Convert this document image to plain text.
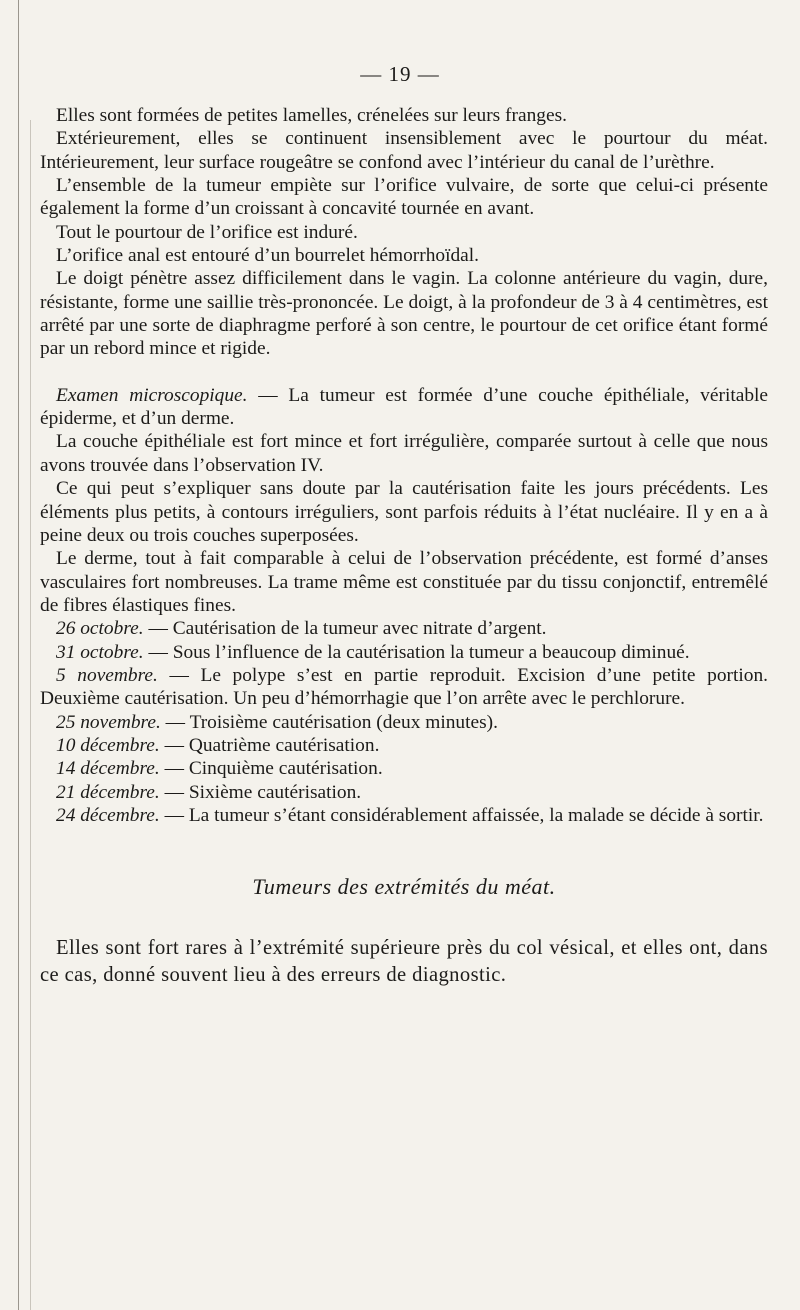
— 19 —

Elles sont formées de petites lamelles, crénelées sur leurs franges.

Extérieurement, elles se continuent insensiblement avec le pourtour du méat. Intérieurement, leur surface rougeâtre se confond avec l’intérieur du canal de l’urèthre.

L’ensemble de la tumeur empiète sur l’orifice vulvaire, de sorte que celui-ci présente également la forme d’un croissant à concavité tournée en avant.

Tout le pourtour de l’orifice est induré.

L’orifice anal est entouré d’un bourrelet hémorrhoïdal.

Le doigt pénètre assez difficilement dans le vagin. La colonne antérieure du vagin, dure, résistante, forme une saillie très-prononcée. Le doigt, à la profondeur de 3 à 4 centimètres, est arrêté par une sorte de diaphragme perforé à son centre, le pourtour de cet orifice étant formé par un rebord mince et rigide.

Examen microscopique. — La tumeur est formée d’une couche épithéliale, véritable épiderme, et d’un derme.

La couche épithéliale est fort mince et fort irrégulière, comparée surtout à celle que nous avons trouvée dans l’observation IV.

Ce qui peut s’expliquer sans doute par la cautérisation faite les jours précédents. Les éléments plus petits, à contours irréguliers, sont parfois réduits à l’état nucléaire. Il y en a à peine deux ou trois couches superposées.

Le derme, tout à fait comparable à celui de l’observation précédente, est formé d’anses vasculaires fort nombreuses. La trame même est constituée par du tissu conjonctif, entremêlé de fibres élastiques fines.

26 octobre. — Cautérisation de la tumeur avec nitrate d’argent.

31 octobre. — Sous l’influence de la cautérisation la tumeur a beaucoup diminué.

5 novembre. — Le polype s’est en partie reproduit. Excision d’une petite portion. Deuxième cautérisation. Un peu d’hémorrhagie que l’on arrête avec le perchlorure.

25 novembre. — Troisième cautérisation (deux minutes).

10 décembre. — Quatrième cautérisation.

14 décembre. — Cinquième cautérisation.

21 décembre. — Sixième cautérisation.

24 décembre. — La tumeur s’étant considérablement affaissée, la malade se décide à sortir.

Tumeurs des extrémités du méat.

Elles sont fort rares à l’extrémité supérieure près du col vésical, et elles ont, dans ce cas, donné souvent lieu à des erreurs de diagnostic.
